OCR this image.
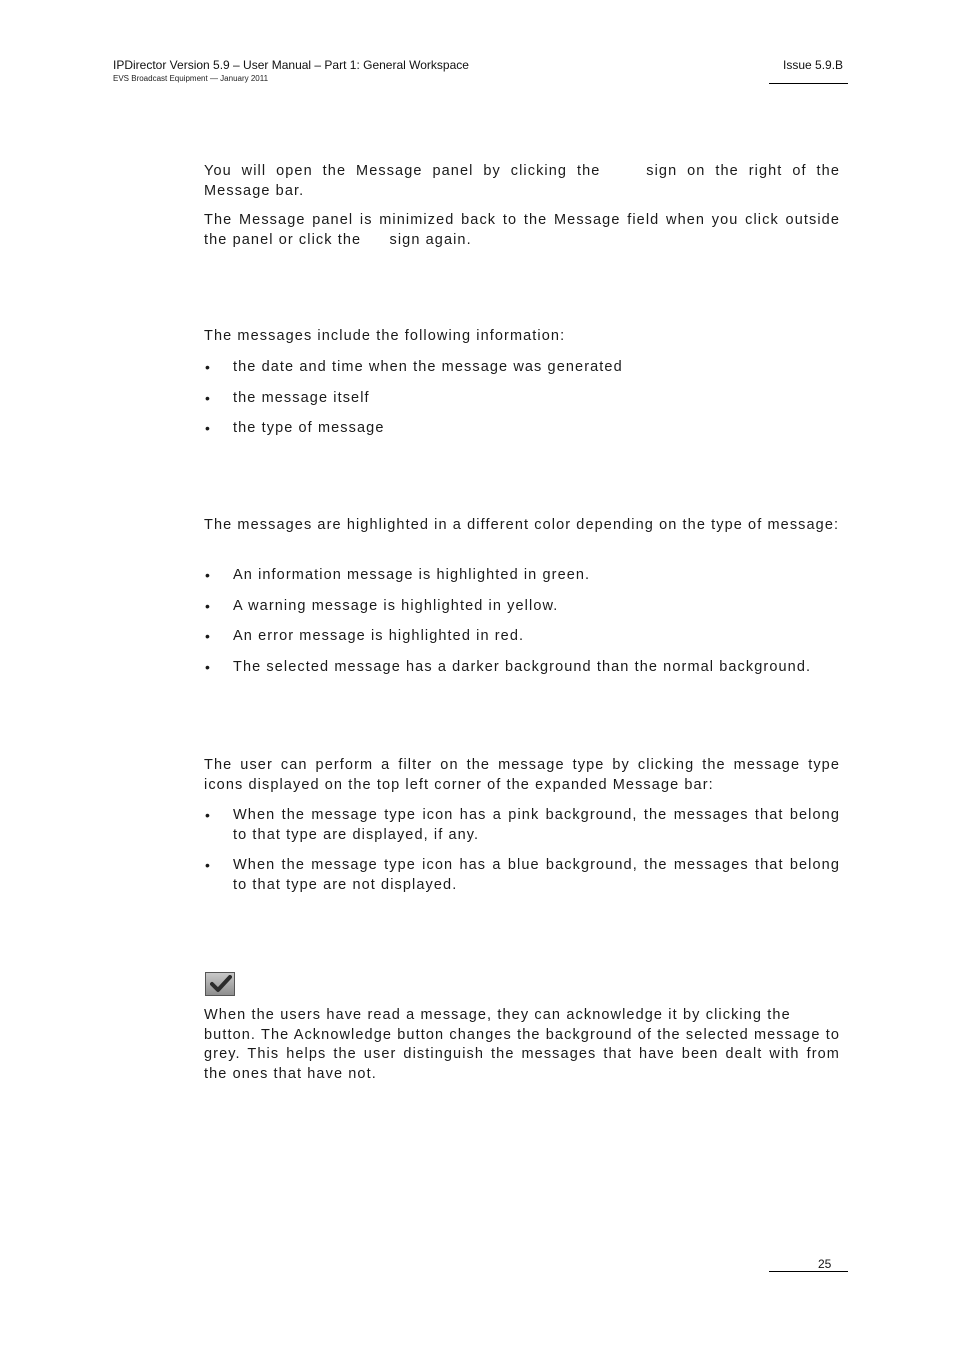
IPDirector Version 5.9 – User Manual – Part 1: General Workspace
EVS Broadcast Equipment — January 2011
Issue 5.9.B

You will open the Message panel by clicking the	sign on the right of the Message bar.

The Message panel is minimized back to the Message field when you click outside the panel or click the sign again.

The messages include the following information:
• the date and time when the message was generated
• the message itself
• the type of message

The messages are highlighted in a different color depending on the type of message:

• An information message is highlighted in green.
• A warning message is highlighted in yellow.
• An error message is highlighted in red.
• The selected message has a darker background than the normal background.

The user can perform a filter on the message type by clicking the message type icons displayed on the top left corner of the expanded Message bar:

• When the message type icon has a pink background, the messages that belong to that type are displayed, if any.
• When the message type icon has a blue background, the messages that belong to that type are not displayed.

When the users have read a message, they can acknowledge it by clicking the  button. The Acknowledge button changes the background of the selected message to grey. This helps the user distinguish the messages that have been dealt with from the ones that have not.

25
